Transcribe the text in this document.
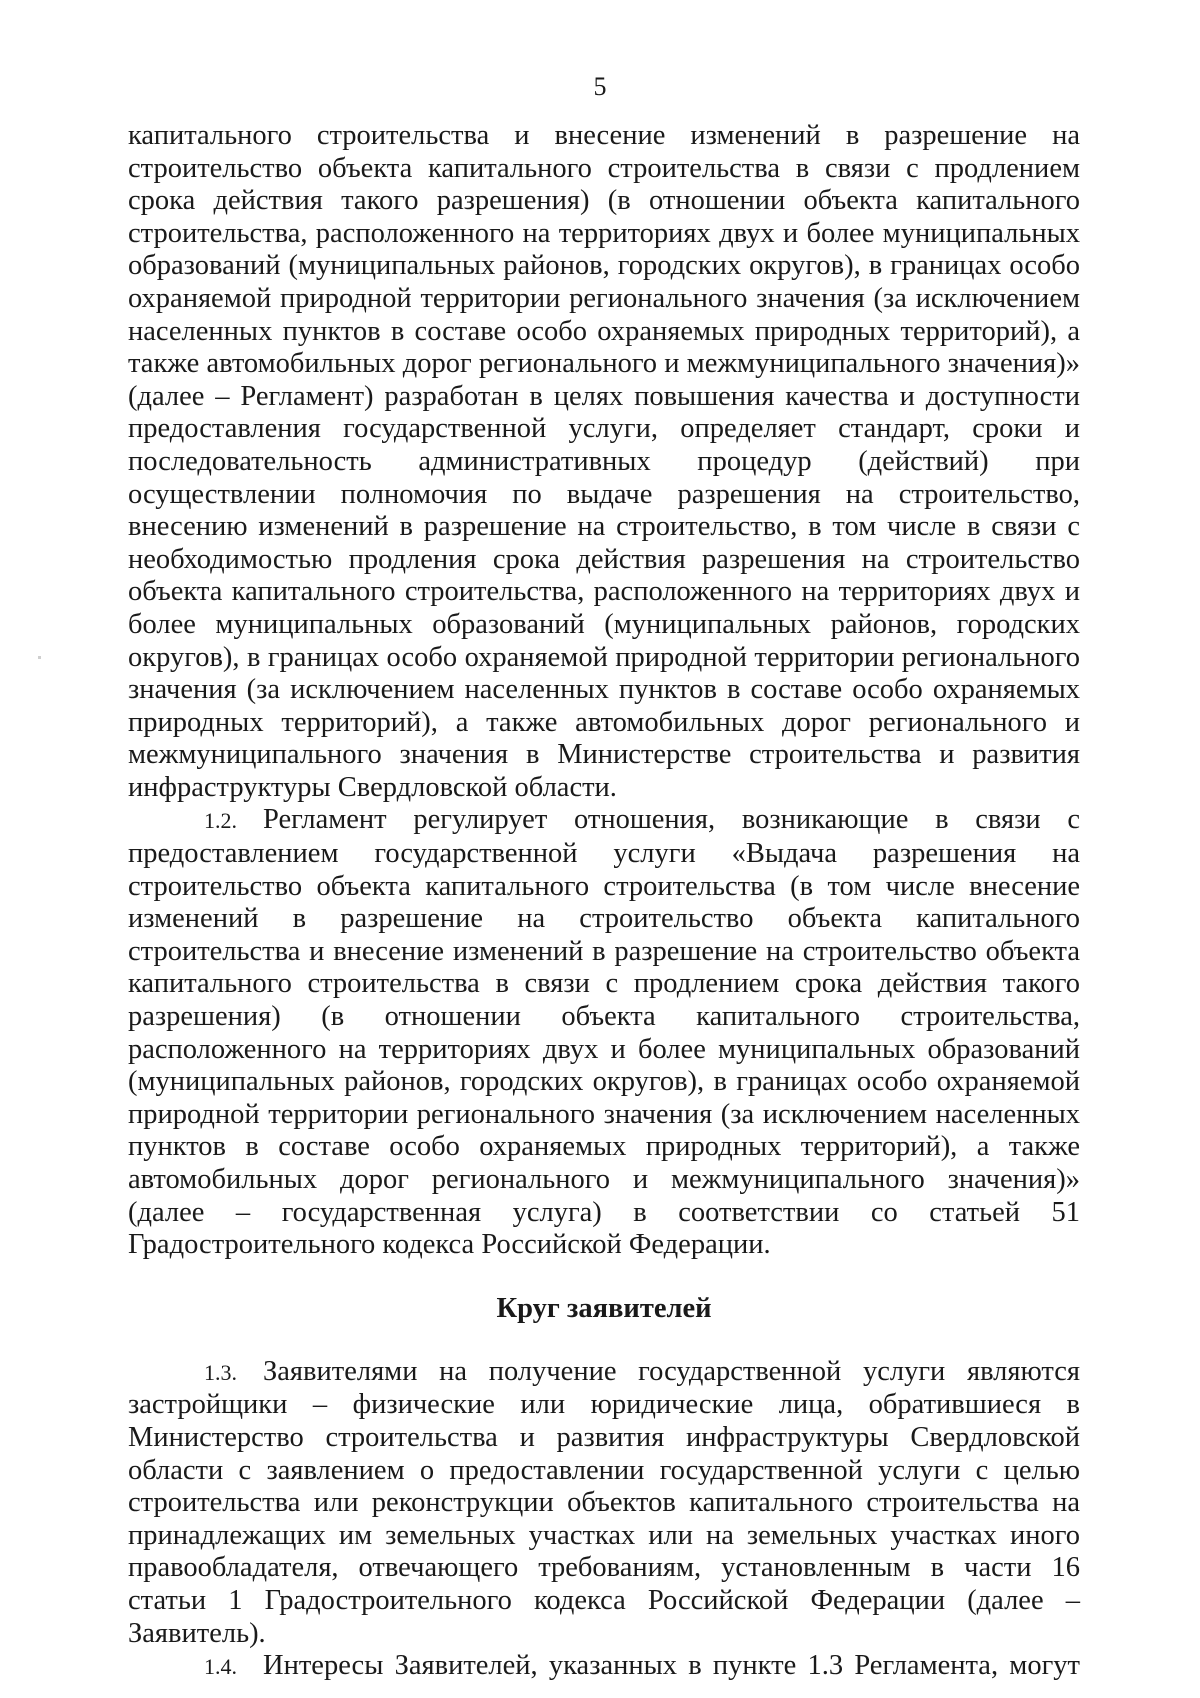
5

капитального строительства и внесение изменений в разрешение на строительство объекта капитального строительства в связи с продлением срока действия такого разрешения) (в отношении объекта капитального строительства, расположенного на территориях двух и более муниципальных образований (муниципальных районов, городских округов), в границах особо охраняемой природной территории регионального значения (за исключением населенных пунктов в составе особо охраняемых природных территорий), а также автомобильных дорог регионального и межмуниципального значения)» (далее – Регламент) разработан в целях повышения качества и доступности предоставления государственной услуги, определяет стандарт, сроки и последовательность административных процедур (действий) при осуществлении полномочия по выдаче разрешения на строительство, внесению изменений в разрешение на строительство, в том числе в связи с необходимостью продления срока действия разрешения на строительство объекта капитального строительства, расположенного на территориях двух и более муниципальных образований (муниципальных районов, городских округов), в границах особо охраняемой природной территории регионального значения (за исключением населенных пунктов в составе особо охраняемых природных территорий), а также автомобильных дорог регионального и межмуниципального значения в Министерстве строительства и развития инфраструктуры Свердловской области.

1.2. Регламент регулирует отношения, возникающие в связи с предоставлением государственной услуги «Выдача разрешения на строительство объекта капитального строительства (в том числе внесение изменений в разрешение на строительство объекта капитального строительства и внесение изменений в разрешение на строительство объекта капитального строительства в связи с продлением срока действия такого разрешения) (в отношении объекта капитального строительства, расположенного на территориях двух и более муниципальных образований (муниципальных районов, городских округов), в границах особо охраняемой природной территории регионального значения (за исключением населенных пунктов в составе особо охраняемых природных территорий), а также автомобильных дорог регионального и межмуниципального значения)» (далее – государственная услуга) в соответствии со статьей 51 Градостроительного кодекса Российской Федерации.

Круг заявителей

1.3. Заявителями на получение государственной услуги являются застройщики – физические или юридические лица, обратившиеся в Министерство строительства и развития инфраструктуры Свердловской области с заявлением о предоставлении государственной услуги с целью строительства или реконструкции объектов капитального строительства на принадлежащих им земельных участках или на земельных участках иного правообладателя, отвечающего требованиям, установленным в части 16 статьи 1 Градостроительного кодекса Российской Федерации (далее – Заявитель).

1.4. Интересы Заявителей, указанных в пункте 1.3 Регламента, могут
